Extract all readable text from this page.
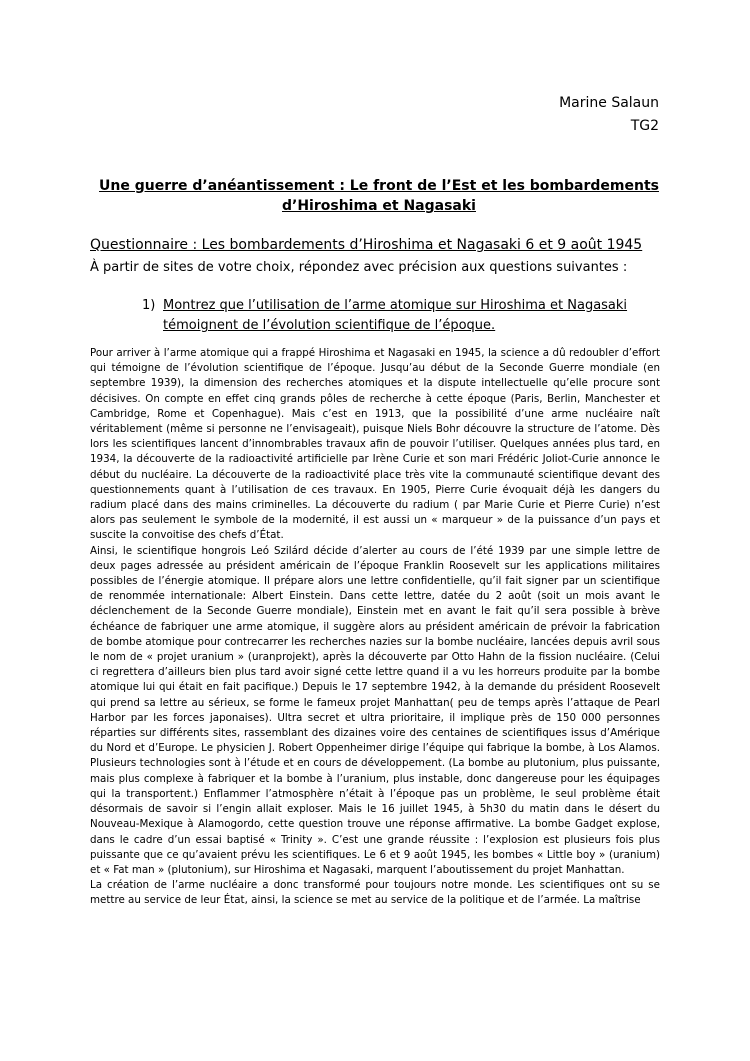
Marine Salaun
TG2
Une guerre d’anéantissement : Le front de l’Est et les bombardements d’Hiroshima et Nagasaki
Questionnaire : Les bombardements d’Hiroshima et Nagasaki 6 et 9 août 1945
À partir de sites de votre choix, répondez avec précision aux questions suivantes :
1) Montrez que l’utilisation de l’arme atomique sur Hiroshima et Nagasaki témoignent de l’évolution scientifique de l’époque.

Pour arriver à l’arme atomique qui a frappé Hiroshima et Nagasaki en 1945, la science a dû redoubler d’effort qui témoigne de l’évolution scientifique de l’époque. Jusqu’au début de la Seconde Guerre mondiale (en septembre 1939), la dimension des recherches atomiques et la dispute intellectuelle qu’elle procure sont décisives. On compte en effet cinq grands pôles de recherche à cette époque (Paris, Berlin, Manchester et Cambridge, Rome et Copenhague). Mais c’est en 1913, que la possibilité d’une arme nucléaire naît véritablement (même si personne ne l’envisageait), puisque Niels Bohr découvre la structure de l’atome. Dès lors les scientifiques lancent d’innombrables travaux afin de pouvoir l’utiliser. Quelques années plus tard, en 1934, la découverte de la radioactivité artificielle par Irène Curie et son mari Frédéric Joliot-Curie annonce le début du nucléaire. La découverte de la radioactivité place très vite la communauté scientifique devant des questionnements quant à l’utilisation de ces travaux. En 1905, Pierre Curie évoquait déjà les dangers du radium placé dans des mains criminelles. La découverte du radium ( par Marie Curie et Pierre Curie) n’est alors pas seulement le symbole de la modernité, il est aussi un « marqueur » de la puissance d’un pays et suscite la convoitise des chefs d’État.

Ainsi, le scientifique hongrois Leó Szilárd décide d’alerter au cours de l’été 1939 par une simple lettre de deux pages adressée au président américain de l’époque Franklin Roosevelt sur les applications militaires possibles de l’énergie atomique. Il prépare alors une lettre confidentielle, qu’il fait signer par un scientifique de renommée internationale: Albert Einstein. Dans cette lettre, datée du 2 août (soit un mois avant le déclenchement de la Seconde Guerre mondiale), Einstein met en avant le fait qu’il sera possible à brève échéance de fabriquer une arme atomique, il suggère alors au président américain de prévoir la fabrication de bombe atomique pour contrecarrer les recherches nazies sur la bombe nucléaire, lancées depuis avril sous le nom de « projet uranium » (uranprojekt), après la découverte par Otto Hahn de la fission nucléaire. (Celui ci regrettera d’ailleurs bien plus tard avoir signé cette lettre quand il a vu les horreurs produite par la bombe atomique lui qui était en fait pacifique.) Depuis le 17 septembre 1942, à la demande du président Roosevelt qui prend sa lettre au sérieux, se forme le fameux projet Manhattan( peu de temps après l’attaque de Pearl Harbor par les forces japonaises). Ultra secret et ultra prioritaire, il implique près de 150 000 personnes réparties sur différents sites, rassemblant des dizaines voire des centaines de scientifiques issus d’Amérique du Nord et d’Europe. Le physicien J. Robert Oppenheimer dirige l’équipe qui fabrique la bombe, à Los Alamos. Plusieurs technologies sont à l’étude et en cours de développement. (La bombe au plutonium, plus puissante, mais plus complexe à fabriquer et la bombe à l’uranium, plus instable, donc dangereuse pour les équipages qui la transportent.) Enflammer l’atmosphère n’était à l’époque pas un problème, le seul problème était désormais de savoir si l’engin allait exploser. Mais le 16 juillet 1945, à 5h30 du matin dans le désert du Nouveau-Mexique à Alamogordo, cette question trouve une réponse affirmative. La bombe Gadget explose, dans le cadre d’un essai baptisé « Trinity ». C’est une grande réussite : l’explosion est plusieurs fois plus puissante que ce qu’avaient prévu les scientifiques. Le 6 et 9 août 1945, les bombes « Little boy » (uranium) et « Fat man » (plutonium), sur Hiroshima et Nagasaki, marquent l’aboutissement du projet Manhattan.

La création de l’arme nucléaire a donc transformé pour toujours notre monde. Les scientifiques ont su se mettre au service de leur État, ainsi, la science se met au service de la politique et de l’armée. La maîtrise
